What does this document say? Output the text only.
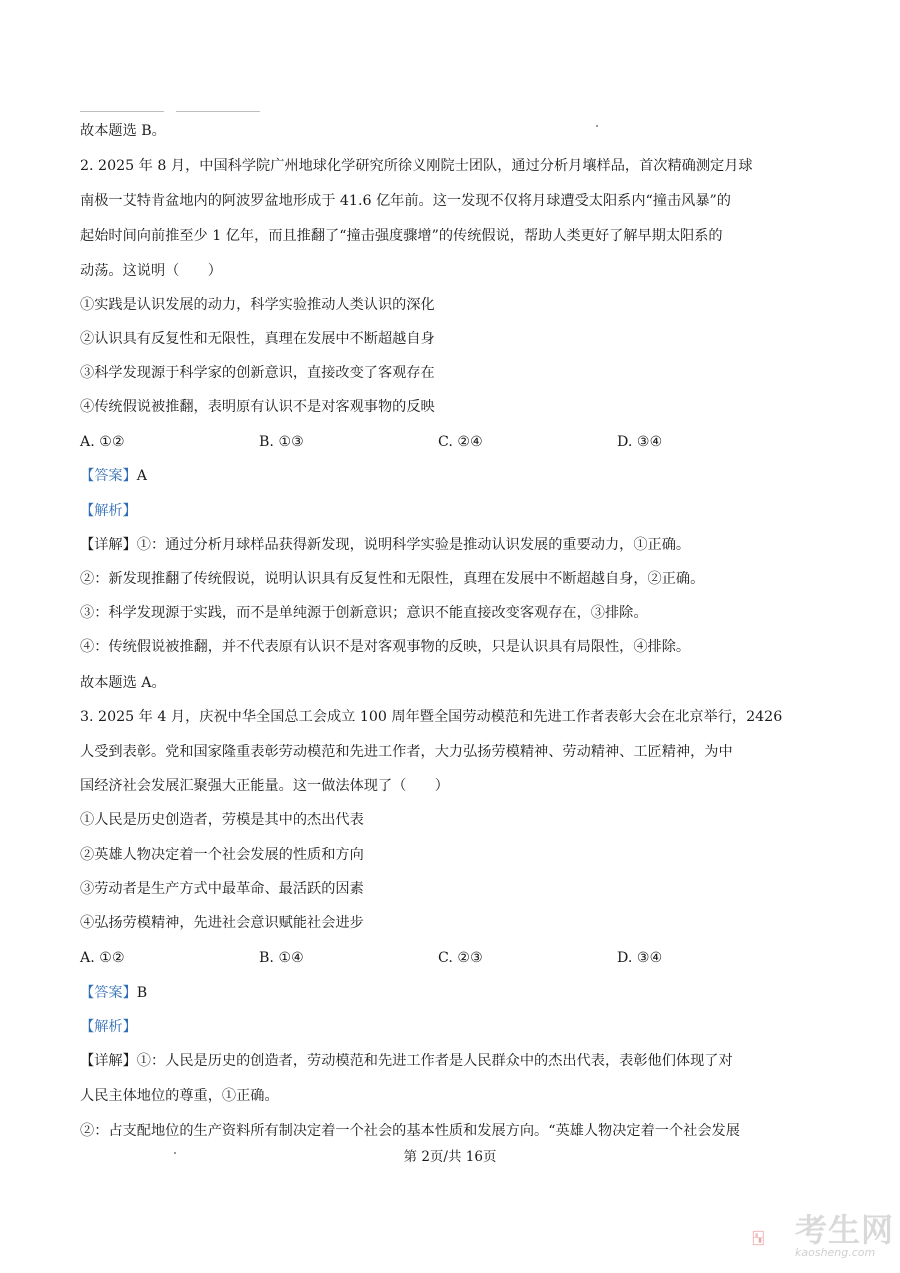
故本题选 B。
2. 2025 年 8 月，中国科学院广州地球化学研究所徐义刚院士团队，通过分析月壤样品，首次精确测定月球
南极一艾特肯盆地内的阿波罗盆地形成于 41.6 亿年前。这一发现不仅将月球遭受太阳系内“撞击风暴”的
起始时间向前推至少 1 亿年，而且推翻了“撞击强度骤增”的传统假说，帮助人类更好了解早期太阳系的
动荡。这说明（　　）
①实践是认识发展的动力，科学实验推动人类认识的深化
②认识具有反复性和无限性，真理在发展中不断超越自身
③科学发现源于科学家的创新意识，直接改变了客观存在
④传统假说被推翻，表明原有认识不是对客观事物的反映
A. ①②	B. ①③	C. ②④	D. ③④
【答案】A
【解析】
【详解】①：通过分析月球样品获得新发现，说明科学实验是推动认识发展的重要动力，①正确。
②：新发现推翻了传统假说，说明认识具有反复性和无限性，真理在发展中不断超越自身，②正确。
③：科学发现源于实践，而不是单纯源于创新意识；意识不能直接改变客观存在，③排除。
④：传统假说被推翻，并不代表原有认识不是对客观事物的反映，只是认识具有局限性，④排除。
故本题选 A。
3. 2025 年 4 月，庆祝中华全国总工会成立 100 周年暨全国劳动模范和先进工作者表彰大会在北京举行，2426
人受到表彰。党和国家隆重表彰劳动模范和先进工作者，大力弘扬劳模精神、劳动精神、工匠精神，为中
国经济社会发展汇聚强大正能量。这一做法体现了（　　）
①人民是历史创造者，劳模是其中的杰出代表
②英雄人物决定着一个社会发展的性质和方向
③劳动者是生产方式中最革命、最活跃的因素
④弘扬劳模精神，先进社会意识赋能社会进步
A. ①②	B. ①④	C. ②③	D. ③④
【答案】B
【解析】
【详解】①：人民是历史的创造者，劳动模范和先进工作者是人民群众中的杰出代表，表彰他们体现了对
人民主体地位的尊重，①正确。
②：占支配地位的生产资料所有制决定着一个社会的基本性质和发展方向。“英雄人物决定着一个社会发展
第 2页/共 16页
考生网
kaosheng.com
